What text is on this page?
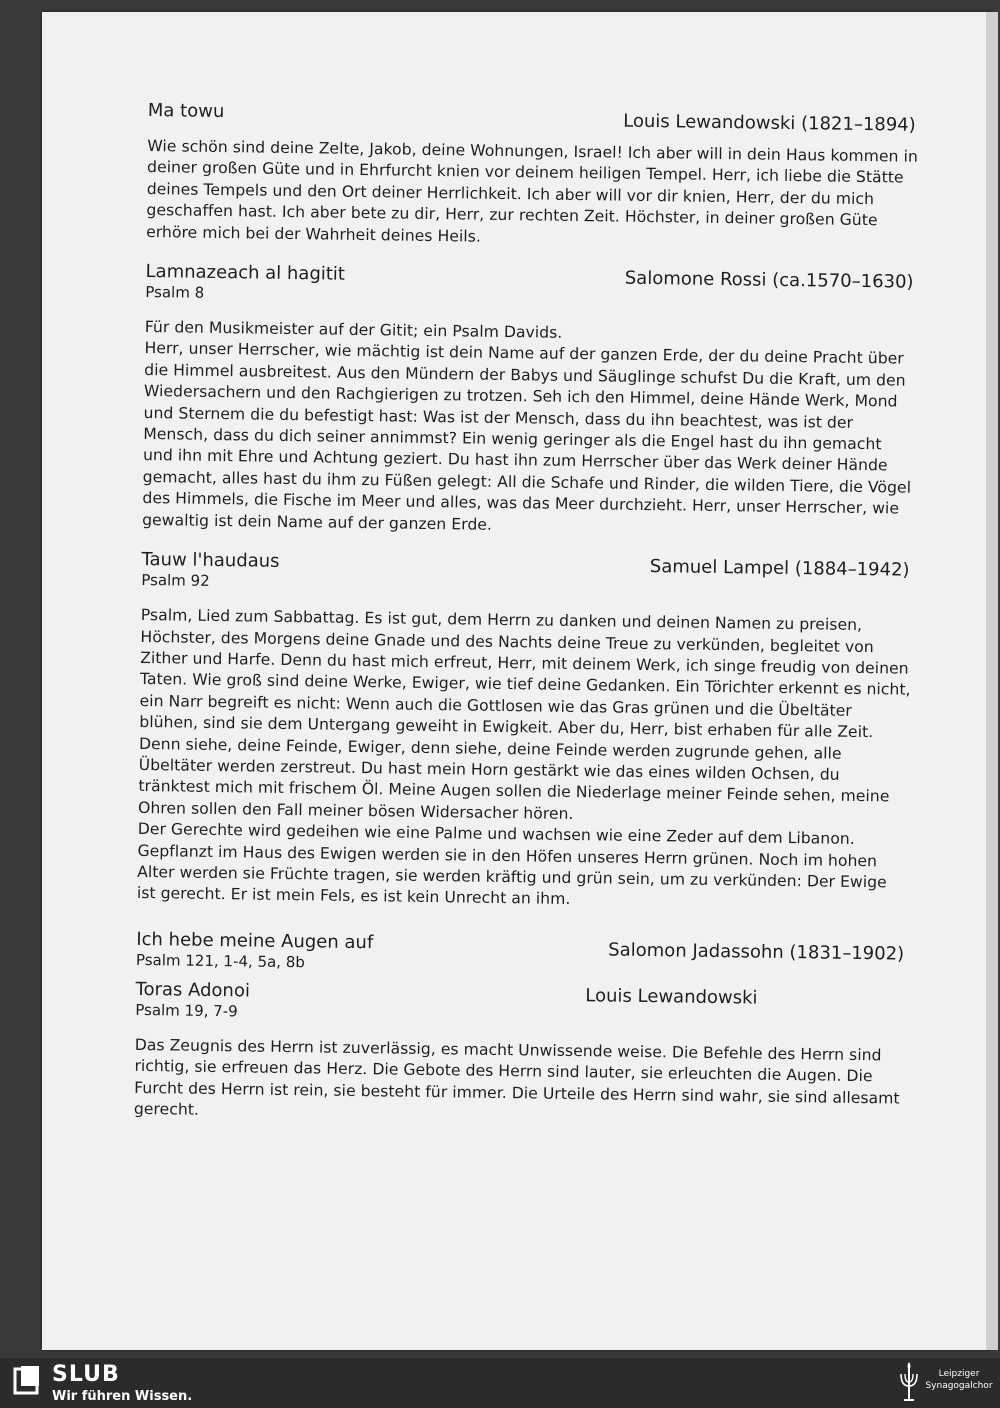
Ma towu	Louis Lewandowski (1821–1894)
Wie schön sind deine Zelte, Jakob, deine Wohnungen, Israel! Ich aber will in dein Haus kommen in deiner großen Güte und in Ehrfurcht knien vor deinem heiligen Tempel. Herr, ich liebe die Stätte deines Tempels und den Ort deiner Herrlichkeit. Ich aber will vor dir knien, Herr, der du mich geschaffen hast. Ich aber bete zu dir, Herr, zur rechten Zeit. Höchster, in deiner großen Güte erhöre mich bei der Wahrheit deines Heils.
Lamnazeach al hagitit
Psalm 8	Salomone Rossi (ca.1570–1630)
Für den Musikmeister auf der Gitit; ein Psalm Davids.
Herr, unser Herrscher, wie mächtig ist dein Name auf der ganzen Erde, der du deine Pracht über die Himmel ausbreitest. Aus den Mündern der Babys und Säuglinge schufst Du die Kraft, um den Wiedersachern und den Rachgierigen zu trotzen. Seh ich den Himmel, deine Hände Werk, Mond und Sternem die du befestigt hast: Was ist der Mensch, dass du ihn beachtest, was ist der Mensch, dass du dich seiner annimmst? Ein wenig geringer als die Engel hast du ihn gemacht und ihn mit Ehre und Achtung geziert. Du hast ihn zum Herrscher über das Werk deiner Hände gemacht, alles hast du ihm zu Füßen gelegt: All die Schafe und Rinder, die wilden Tiere, die Vögel des Himmels, die Fische im Meer und alles, was das Meer durchzieht. Herr, unser Herrscher, wie gewaltig ist dein Name auf der ganzen Erde.
Tauw l'haudaus
Psalm 92	Samuel Lampel (1884–1942)
Psalm, Lied zum Sabbattag. Es ist gut, dem Herrn zu danken und deinen Namen zu preisen, Höchster, des Morgens deine Gnade und des Nachts deine Treue zu verkünden, begleitet von Zither und Harfe. Denn du hast mich erfreut, Herr, mit deinem Werk, ich singe freudig von deinen Taten. Wie groß sind deine Werke, Ewiger, wie tief deine Gedanken. Ein Törichter erkennt es nicht, ein Narr begreift es nicht: Wenn auch die Gottlosen wie das Gras grünen und die Übeltäter blühen, sind sie dem Untergang geweiht in Ewigkeit. Aber du, Herr, bist erhaben für alle Zeit. Denn siehe, deine Feinde, Ewiger, denn siehe, deine Feinde werden zugrunde gehen, alle Übeltäter werden zerstreut. Du hast mein Horn gestärkt wie das eines wilden Ochsen, du tränktest mich mit frischem Öl. Meine Augen sollen die Niederlage meiner Feinde sehen, meine Ohren sollen den Fall meiner bösen Widersacher hören.
Der Gerechte wird gedeihen wie eine Palme und wachsen wie eine Zeder auf dem Libanon. Gepflanzt im Haus des Ewigen werden sie in den Höfen unseres Herrn grünen. Noch im hohen Alter werden sie Früchte tragen, sie werden kräftig und grün sein, um zu verkünden: Der Ewige ist gerecht. Er ist mein Fels, es ist kein Unrecht an ihm.
Ich hebe meine Augen auf
Psalm 121, 1-4, 5a, 8b	Salomon Jadassohn (1831–1902)
Toras Adonoi
Psalm 19, 7-9
Louis Lewandowski
Das Zeugnis des Herrn ist zuverlässig, es macht Unwissende weise. Die Befehle des Herrn sind richtig, sie erfreuen das Herz. Die Gebote des Herrn sind lauter, sie erleuchten die Augen. Die Furcht des Herrn ist rein, sie besteht für immer. Die Urteile des Herrn sind wahr, sie sind allesamt gerecht.
SLUB
Wir führen Wissen.
Leipziger
Synagogalchor
